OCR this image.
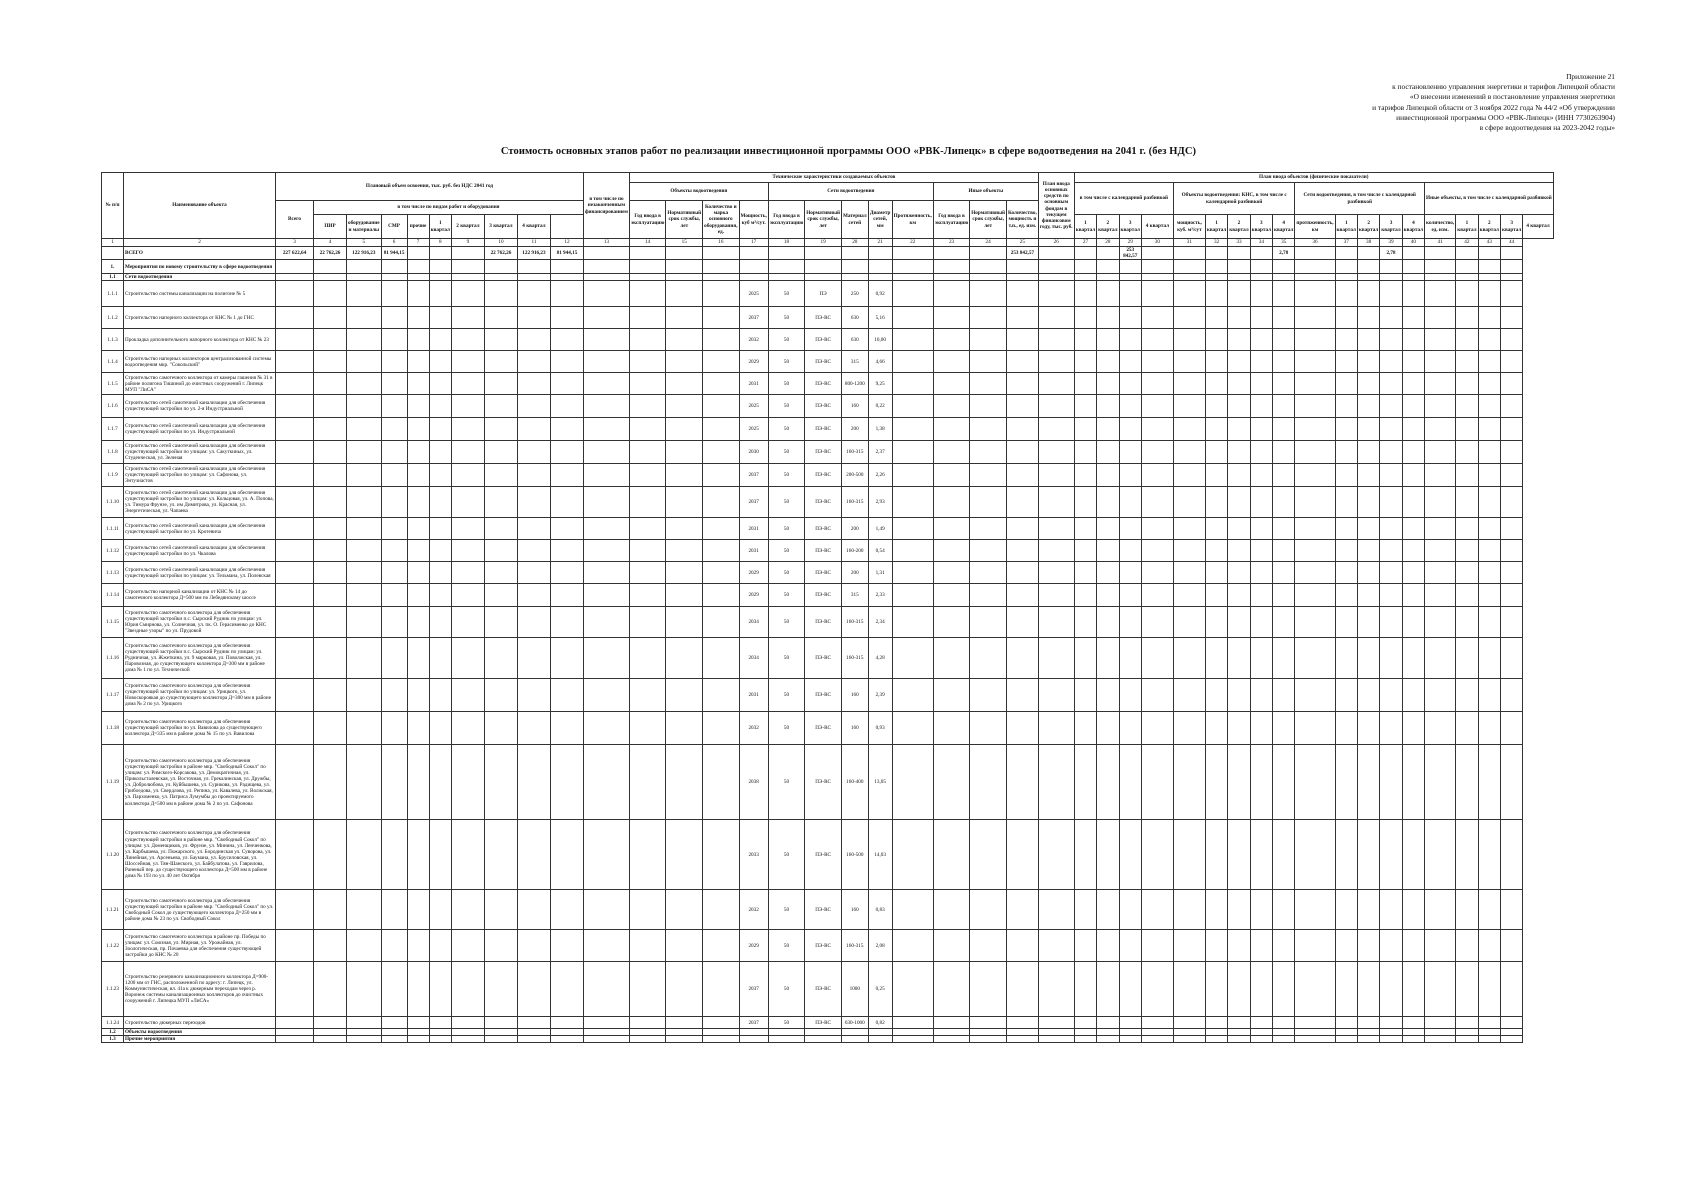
Приложение 21
к постановлению управления энергетики и тарифов Липецкой области
«О внесении изменений в постановление управления энергетики
и тарифов Липецкой области от 3 ноября 2022 года № 44/2 «Об утверждении
инвестиционной программы ООО «РВК-Липецк» (ИНН 7730263904)
в сфере водоотведения на 2023-2042 годы»
Стоимость основных этапов работ по реализации инвестиционной программы ООО «РВК-Липецк» в сфере водоотведения на 2041 г. (без НДС)
№ п/п	Наименование объекта	Плановый объем освоения, тыс. руб. без НДС 2041 год										в том числе по незаконченным финансированием	Технические характеристики создаваемых объектов												План ввода основных средств по основным фондам в текущем финансовом году, тыс. руб.	План ввода объектов (физические показатели)																		
													Объекты водоотведения				Сети водоотведения					Иные объекты				в том числе с календарной разбивкой				Объекты водоотведения: КНС, в том числе с календарной разбивкой					Сети водоотведения, в том числе с календарной разбивкой					Иные объекты, в том числе с календарной разбивкой				
		Всего	в том числе по видам работ и оборудования										Год ввода в эксплуатацию	Нормативный срок службы, лет	Количество и марка основного оборудования, ед.	Мощность, куб м³/сут.	Год ввода в эксплуатацию	Нормативный срок службы, лет	Материал сетей	Диаметр сетей, мм	Протяженность, км	Год ввода в эксплуатацию	Нормативный срок службы, лет	Количество, мощность и т.п., ед. изм.																				
			ПИР	оборудование и материалы	СМР	прочие	1 квартал	2 квартал	3 квартал	4 квартал																1 квартал	2 квартал	3 квартал	4 квартал	мощность, куб. м³/сут	1 квартал	2 квартал	3 квартал	4 квартал	протяженность, км	1 квартал	2 квартал	3 квартал	4 квартал	количество, ед. изм.	1 квартал	2 квартал	3 квартал	4 квартал
1	2	3	4	5	6	7	8	9	10	11	12	13	14	15	16	17	18	19	20	21	22	23	24	25	26	27	28	29	30	31	32	33	34	35	36	37	38	39	40	41	42	43	44	
	ВСЕГО	227 622,64	22 762,26	122 916,23	81 944,15				22 762,26	122 916,23	81 944,15													253 842,57				253 842,57						2,78				2,78						
1.	Мероприятия по новому строительству в сфере водоотведения																																											
1.1	Сети водоотведения																																											
1.1.1	Строительство системы канализации на полигоне № 5															2025	50	ПЭ	250	0,92																								
1.1.2	Строительство напорного коллектора от КНС № 1 до ГНС															2037	50	ПЭ-RC	630	5,16																								
1.1.3	Прокладка дополнительного напорного коллектора от КНС № 23															2032	50	ПЭ-RC	630	10,00																								
1.1.4	Строительство напорных коллекторов централизованной системы водоотведения мкр. "Сокольский"															2029	50	ПЭ-RC	315	4,66																								
1.1.5	Строительство самотечного коллектора от камеры гашения № 31 в районе полигона Тишиной до очистных сооружений г. Липецк МУП "ЛиСА"															2031	50	ПЭ-RC	800-1200	9,25																								
1.1.6	Строительство сетей самотечной канализации для обеспечения существующей застройки по ул. 2-я Индустриальной															2025	50	ПЭ-RC	160	0,22																								
1.1.7	Строительство сетей самотечной канализации для обеспечения существующей застройки по ул. Индустриальной															2025	50	ПЭ-RC	200	1,38																								
1.1.8	Строительство сетей самотечной канализации для обеспечения существующей застройки по улицам: ул. Сакуткиных, ул. Студенческая, ул. Зеленая															2030	50	ПЭ-RC	160-315	2,37																								
1.1.9	Строительство сетей самотечной канализации для обеспечения существующей застройки по улицам: ул. Сафонова, ул. Энтузиастов															2037	50	ПЭ-RC	200-500	2,26																								
1.1.10	Строительство сетей самотечной канализации для обеспечения существующей застройки по улицам: ул. Кольцовая, ул. А. Попова, ул. Тимура Фрунзе, ул. им Димитрова, ул. Красная, ул. Энергетическая, ул. Чапаева															2037	50	ПЭ-RC	160-315	2,93																								
1.1.11	Строительство сетей самотечной канализации для обеспечения существующей застройки по ул. Кротевича															2031	50	ПЭ-RC	200	1,49																								
1.1.12	Строительство сетей самотечной канализации для обеспечения существующей застройки по ул. Чкалова															2031	50	ПЭ-RC	160-200	0,54																								
1.1.13	Строительство сетей самотечной канализации для обеспечения существующей застройки по улицам: ул. Тельмана, ул. Полевская															2029	50	ПЭ-RC	200	1,31																								
1.1.14	Строительство напорной канализации от КНС № 14 до самотечного коллектора Д=500 мм по Лебедянскому шоссе															2029	50	ПЭ-RC	315	2,33																								
1.1.15	Строительство самотечного коллектора для обеспечения существующей застройки п.с. Сырский Рудник по улицам: ул. Юрия Смирнова, ул. Солнечная, ул. пк. О. Герасименко до КНС "Звездные узоры" по ул. Прудовой															2034	50	ПЭ-RC	160-315	2,34																								
1.1.16	Строительство самотечного коллектора для обеспечения существующей застройки п.с. Сырский Рудник по улицам: ул. Рудничная, ул. Жжеткина, ул. 9 марковая, ул. Поволжская, ул. Паровозная, до существующего коллектора Д=300 мм в районе дома № 1 по ул. Технической															2034	50	ПЭ-RC	160-315	4,28																								
1.1.17	Строительство самотечного коллектора для обеспечения существующей застройки по улицам: ул. Урицкого, ул. Новоскороякая до существующего коллектора Д=300 мм в районе дома № 2 по ул. Урицкого															2031	50	ПЭ-RC	160	2,39																								
1.1.18	Строительство самотечного коллектора для обеспечения существующей застройки по ул. Вавилова до существующего коллектора Д=335 мм в районе дома № 15 по ул. Вавилова															2032	50	ПЭ-RC	160	0,93																								
1.1.19	Строительство самотечного коллектора для обеспечения существующей застройки в районе мкр. "Свободный Сокол" по улицам: ул. Римского-Корсакова, ул. Демократичная, ул. Прикольсталевская, ул. Восточная, ул. Грекалинская, ул. Дружбы, ул. Добролюбова, ул. Куйбышева, ул. Сурикова, ул. Радищева, ул. Грибоедова, ул. Свердлова, ул. Репина, ул. Кавалева, ул. Волжская, ул. Пархоменко, ул. Патриса Лумумбы до проектируемого коллектора Д=500 мм в районе дома № 2 по ул. Сафонова															2038	50	ПЭ-RC	160-400	13,05																								
1.1.20	Строительство самотечного коллектора для обеспечения существующей застройки в районе мкр. "Свободный Сокол" по улицам: ул. Доменщиков, ул. Фрунзе, ул. Минина, ул. Ленченкова, ул. Карбышева, ул. Пожарского, ул. Бородинская ул. Суворова, ул. Линейная, ул. Арсеньева, ул. Баумана, ул. Брусиловская, ул. Шоссейная, ул. Тян-Шанского, ул. Байбулатова, ул. Гаврилова, Раненый пер. до существующего коллектора Д=500 мм в районе дома № 193 по ул. 40 лет Октября															2033	50	ПЭ-RC	160-500	14,03																								
1.1.21	Строительство самотечного коллектора для обеспечения существующей застройки в районе мкр. "Свободный Сокол" по ул. Свободный Сокол до существующего коллектора Д=250 мм в районе дома № 23 по ул. Свободный Сокол															2032	50	ПЭ-RC	160	0,83																								
1.1.22	Строительство самотечного коллектора в районе пр. Победы по улицам: ул. Союзная, ул. Мирная, ул. Урожайная, ул. Зоологическая, пр. Почаевка для обеспечения существующей застройки до КНС № 20															2029	50	ПЭ-RC	160-315	2,08																								
1.1.23	Строительство резервного канализационного коллектора Д=900-1200 мм от ГНС, расположенной по адресу: г. Липецк, ул. Коммунистическая, вл. 41а к дюкерным переходам через р. Воронеж системы канализационных коллекторов до очистных сооружений г. Липецка МУП «ЛиСА»															2037	50	ПЭ-RC	1000	0,25																								
1.1.24	Строительство дюкерных переходов															2037	50	ПЭ-RC	630-1000	0,82																								
1.2	Объекты водоотведения																																											
1.3	Прочие мероприятия																																											
